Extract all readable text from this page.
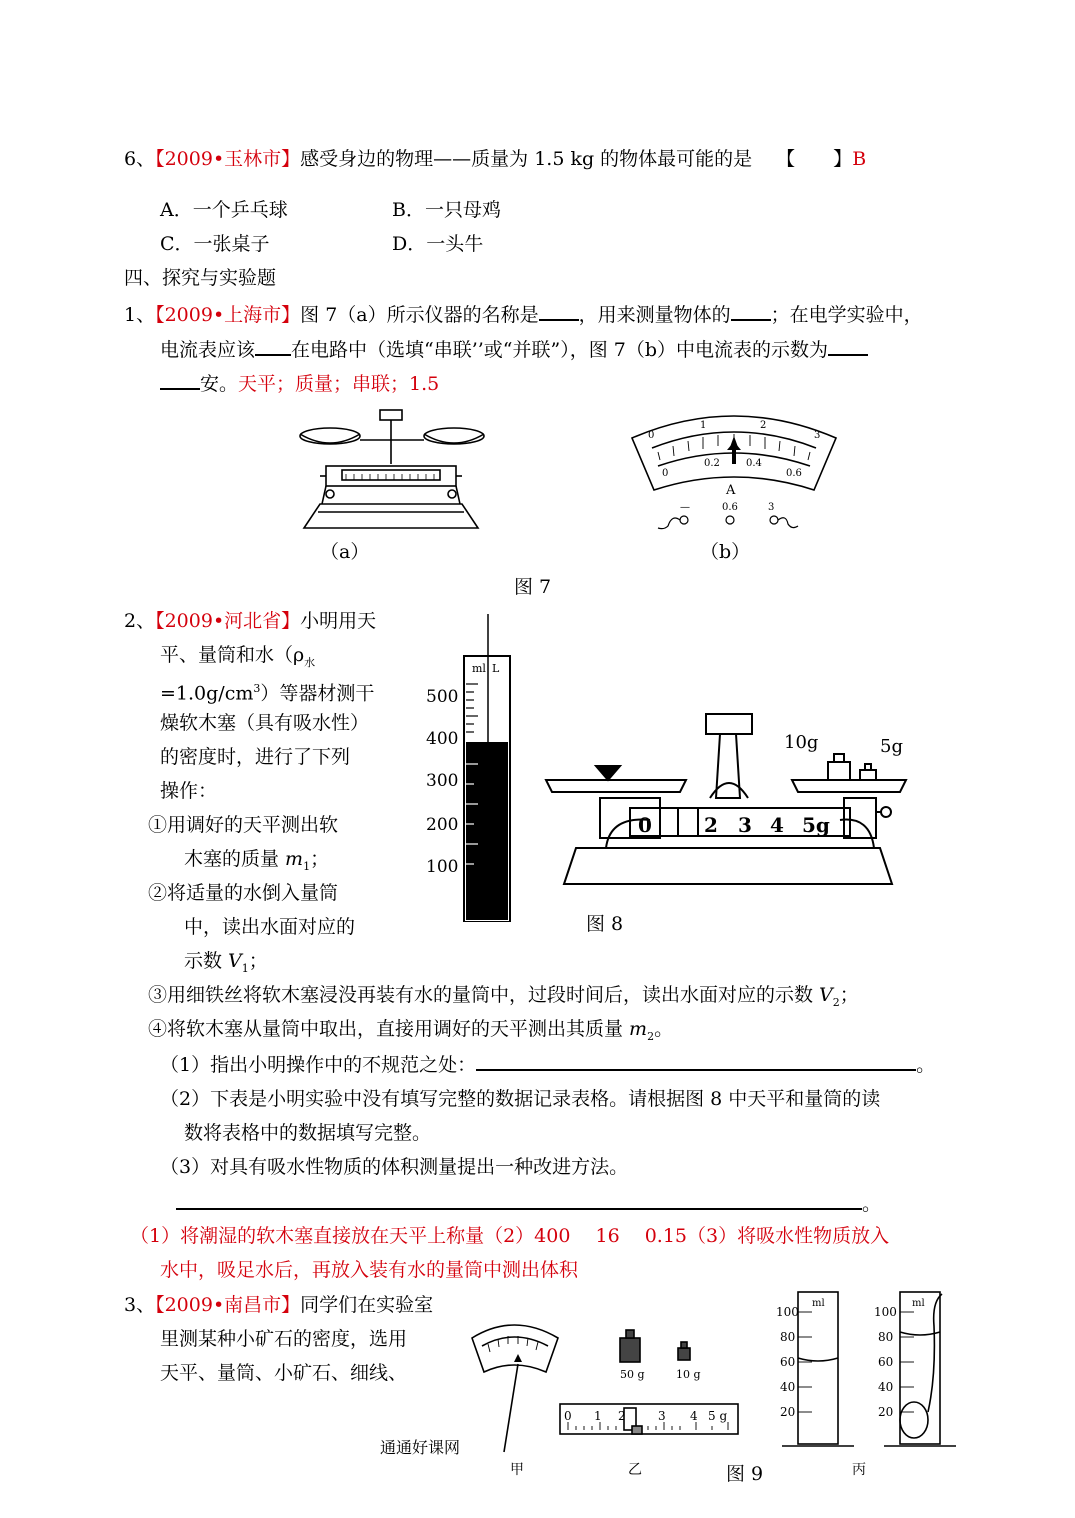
6、【2009•玉林市】感受身边的物理——质量为 1.5 kg 的物体最可能的是 【　　】B
A．一个乒乓球	B．一只母鸡
C．一张桌子	D．一头牛
四、探究与实验题
1、【2009•上海市】图 7（a）所示仪器的名称是 ，用来测量物体的 ；在电学实验中，
电流表应该 在电路中（选填“串联’’或“并联”），图 7（b）中电流表的示数为
安。天平；质量；串联；1.5
（a）
0
1	2
3
0
0.2	0.4
0.6
A
—	0.6	3
（b）
图 7
2、【2009•河北省】小明用天
平、量筒和水（$\rho_水$
$=1.0g/cm^3$）等器材测干
燥软木塞（具有吸水性）
的密度时，进行了下列
操作：
①用调好的天平测出软
木塞的质量 $m_1$；
②将适量的水倒入量筒
中，读出水面对应的
示数 $V_1$；
③用细铁丝将软木塞浸没再装有水的量筒中，过段时间后，读出水面对应的示数 $V_2$；
④将软木塞从量筒中取出，直接用调好的天平测出其质量 $m_2$。
（1）指出小明操作中的不规范之处：	。
（2）下表是小明实验中没有填写完整的数据记录表格。请根据图 8 中天平和量筒的读
数将表格中的数据填写完整。
（3）对具有吸水性物质的体积测量提出一种改进方法。
。
（1）将潮湿的软木塞直接放在天平上称量（2）400　 16　 0.15（3）将吸水性物质放入
水中，吸足水后，再放入装有水的量筒中测出体积
ml L
500
400
300
200
100
10g	5g
0	2 3 4 5g
图 8
3、【2009•南昌市】同学们在实验室
里测某种小矿石的密度，选用
天平、量筒、小矿石、细线、
甲
50 g	10 g
0 1 2	3 4 5 g
乙
ml
100
80
60
40
20
ml
100
80
60
40
20
丙
图 9
通通好课网
